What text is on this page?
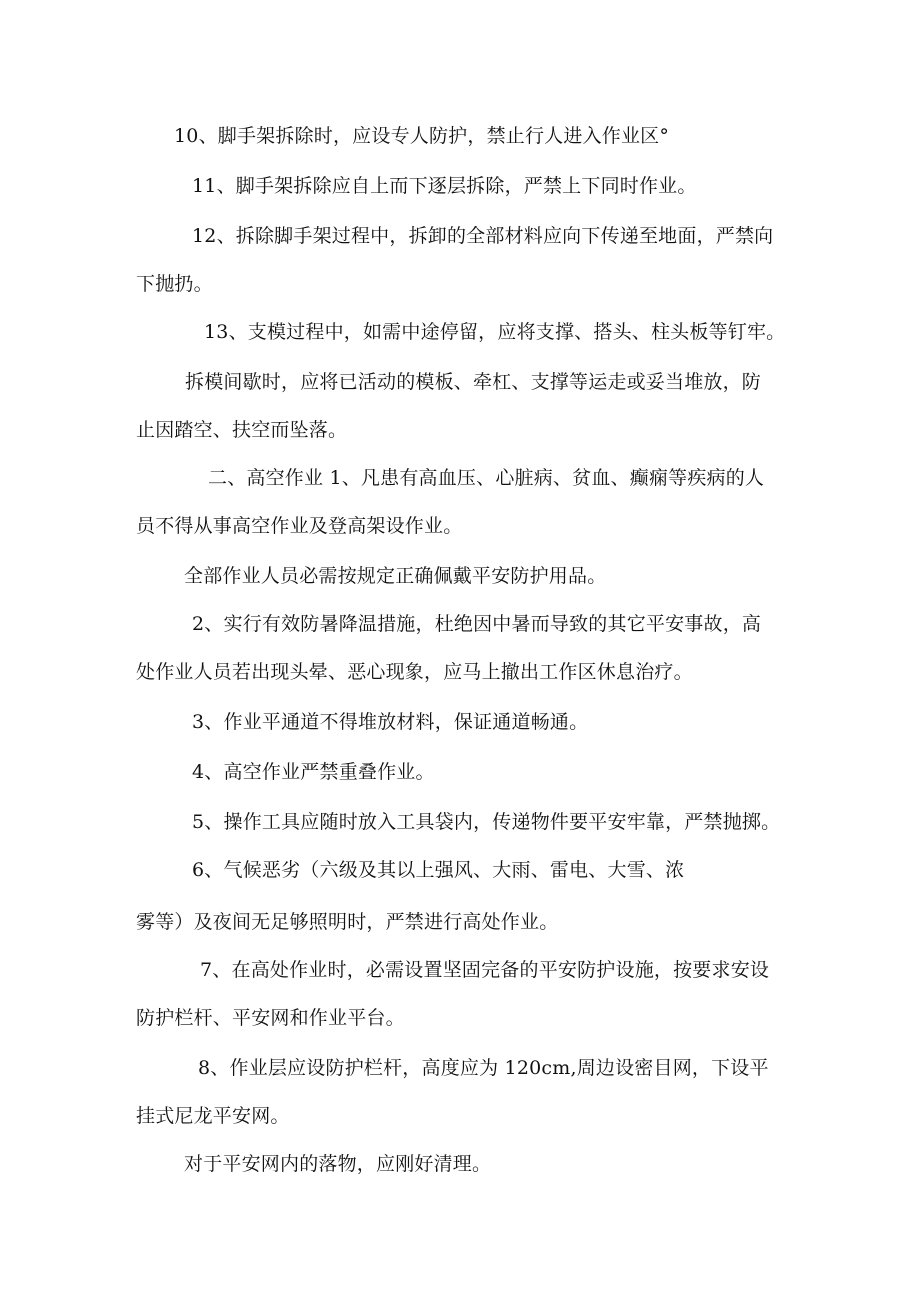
10、脚手架拆除时，应设专人防护，禁止行人进入作业区°
11、脚手架拆除应自上而下逐层拆除，严禁上下同时作业。
12、拆除脚手架过程中，拆卸的全部材料应向下传递至地面，严禁向
下抛扔。
13、支模过程中，如需中途停留，应将支撑、搭头、柱头板等钉牢。
拆模间歇时，应将已活动的模板、牵杠、支撑等运走或妥当堆放，防
止因踏空、扶空而坠落。
二、高空作业 1、凡患有高血压、心脏病、贫血、癫痫等疾病的人
员不得从事高空作业及登高架设作业。
全部作业人员必需按规定正确佩戴平安防护用品。
2、实行有效防暑降温措施，杜绝因中暑而导致的其它平安事故，高
处作业人员若出现头晕、恶心现象，应马上撤出工作区休息治疗。
3、作业平通道不得堆放材料，保证通道畅通。
4、高空作业严禁重叠作业。
5、操作工具应随时放入工具袋内，传递物件要平安牢靠，严禁抛掷。
6、气候恶劣（六级及其以上强风、大雨、雷电、大雪、浓
雾等）及夜间无足够照明时，严禁进行高处作业。
7、在高处作业时，必需设置坚固完备的平安防护设施，按要求安设
防护栏杆、平安网和作业平台。
8、作业层应设防护栏杆，高度应为 120cm,周边设密目网，下设平
挂式尼龙平安网。
对于平安网内的落物，应刚好清理。
